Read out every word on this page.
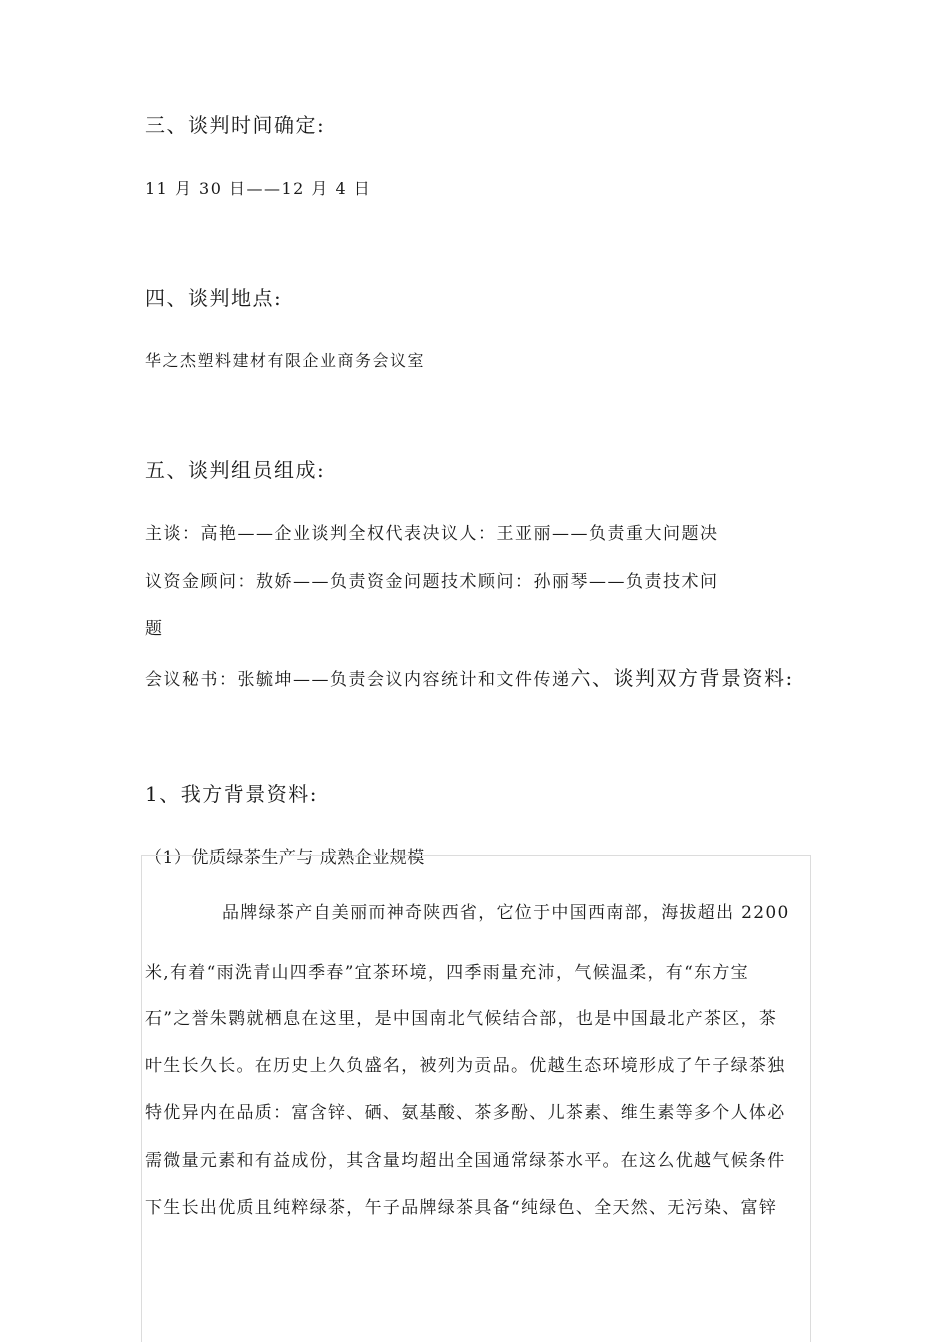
三、谈判时间确定:
11 月 30 日——12 月 4 日
四、谈判地点:
华之杰塑料建材有限企业商务会议室
五、谈判组员组成:
主谈：高艳——企业谈判全权代表决议人：王亚丽——负责重大问题决
议资金顾问：敖娇——负责资金问题技术顾问：孙丽琴——负责技术问
题
会议秘书：张毓坤——负责会议内容统计和文件传递六、谈判双方背景资料:
1、我方背景资料:
（1）优质绿茶生产与 成熟企业规模
品牌绿茶产自美丽而神奇陕西省，它位于中国西南部，海拔超出 2200
米,有着“雨洗青山四季春”宜茶环境，四季雨量充沛，气候温柔，有“东方宝
石”之誉朱鹮就栖息在这里，是中国南北气候结合部，也是中国最北产茶区，茶
叶生长久长。在历史上久负盛名，被列为贡品。优越生态环境形成了午子绿茶独
特优异内在品质：富含锌、硒、氨基酸、茶多酚、儿茶素、维生素等多个人体必
需微量元素和有益成份，其含量均超出全国通常绿茶水平。在这么优越气候条件
下生长出优质且纯粹绿茶，午子品牌绿茶具备“纯绿色、全天然、无污染、富锌
